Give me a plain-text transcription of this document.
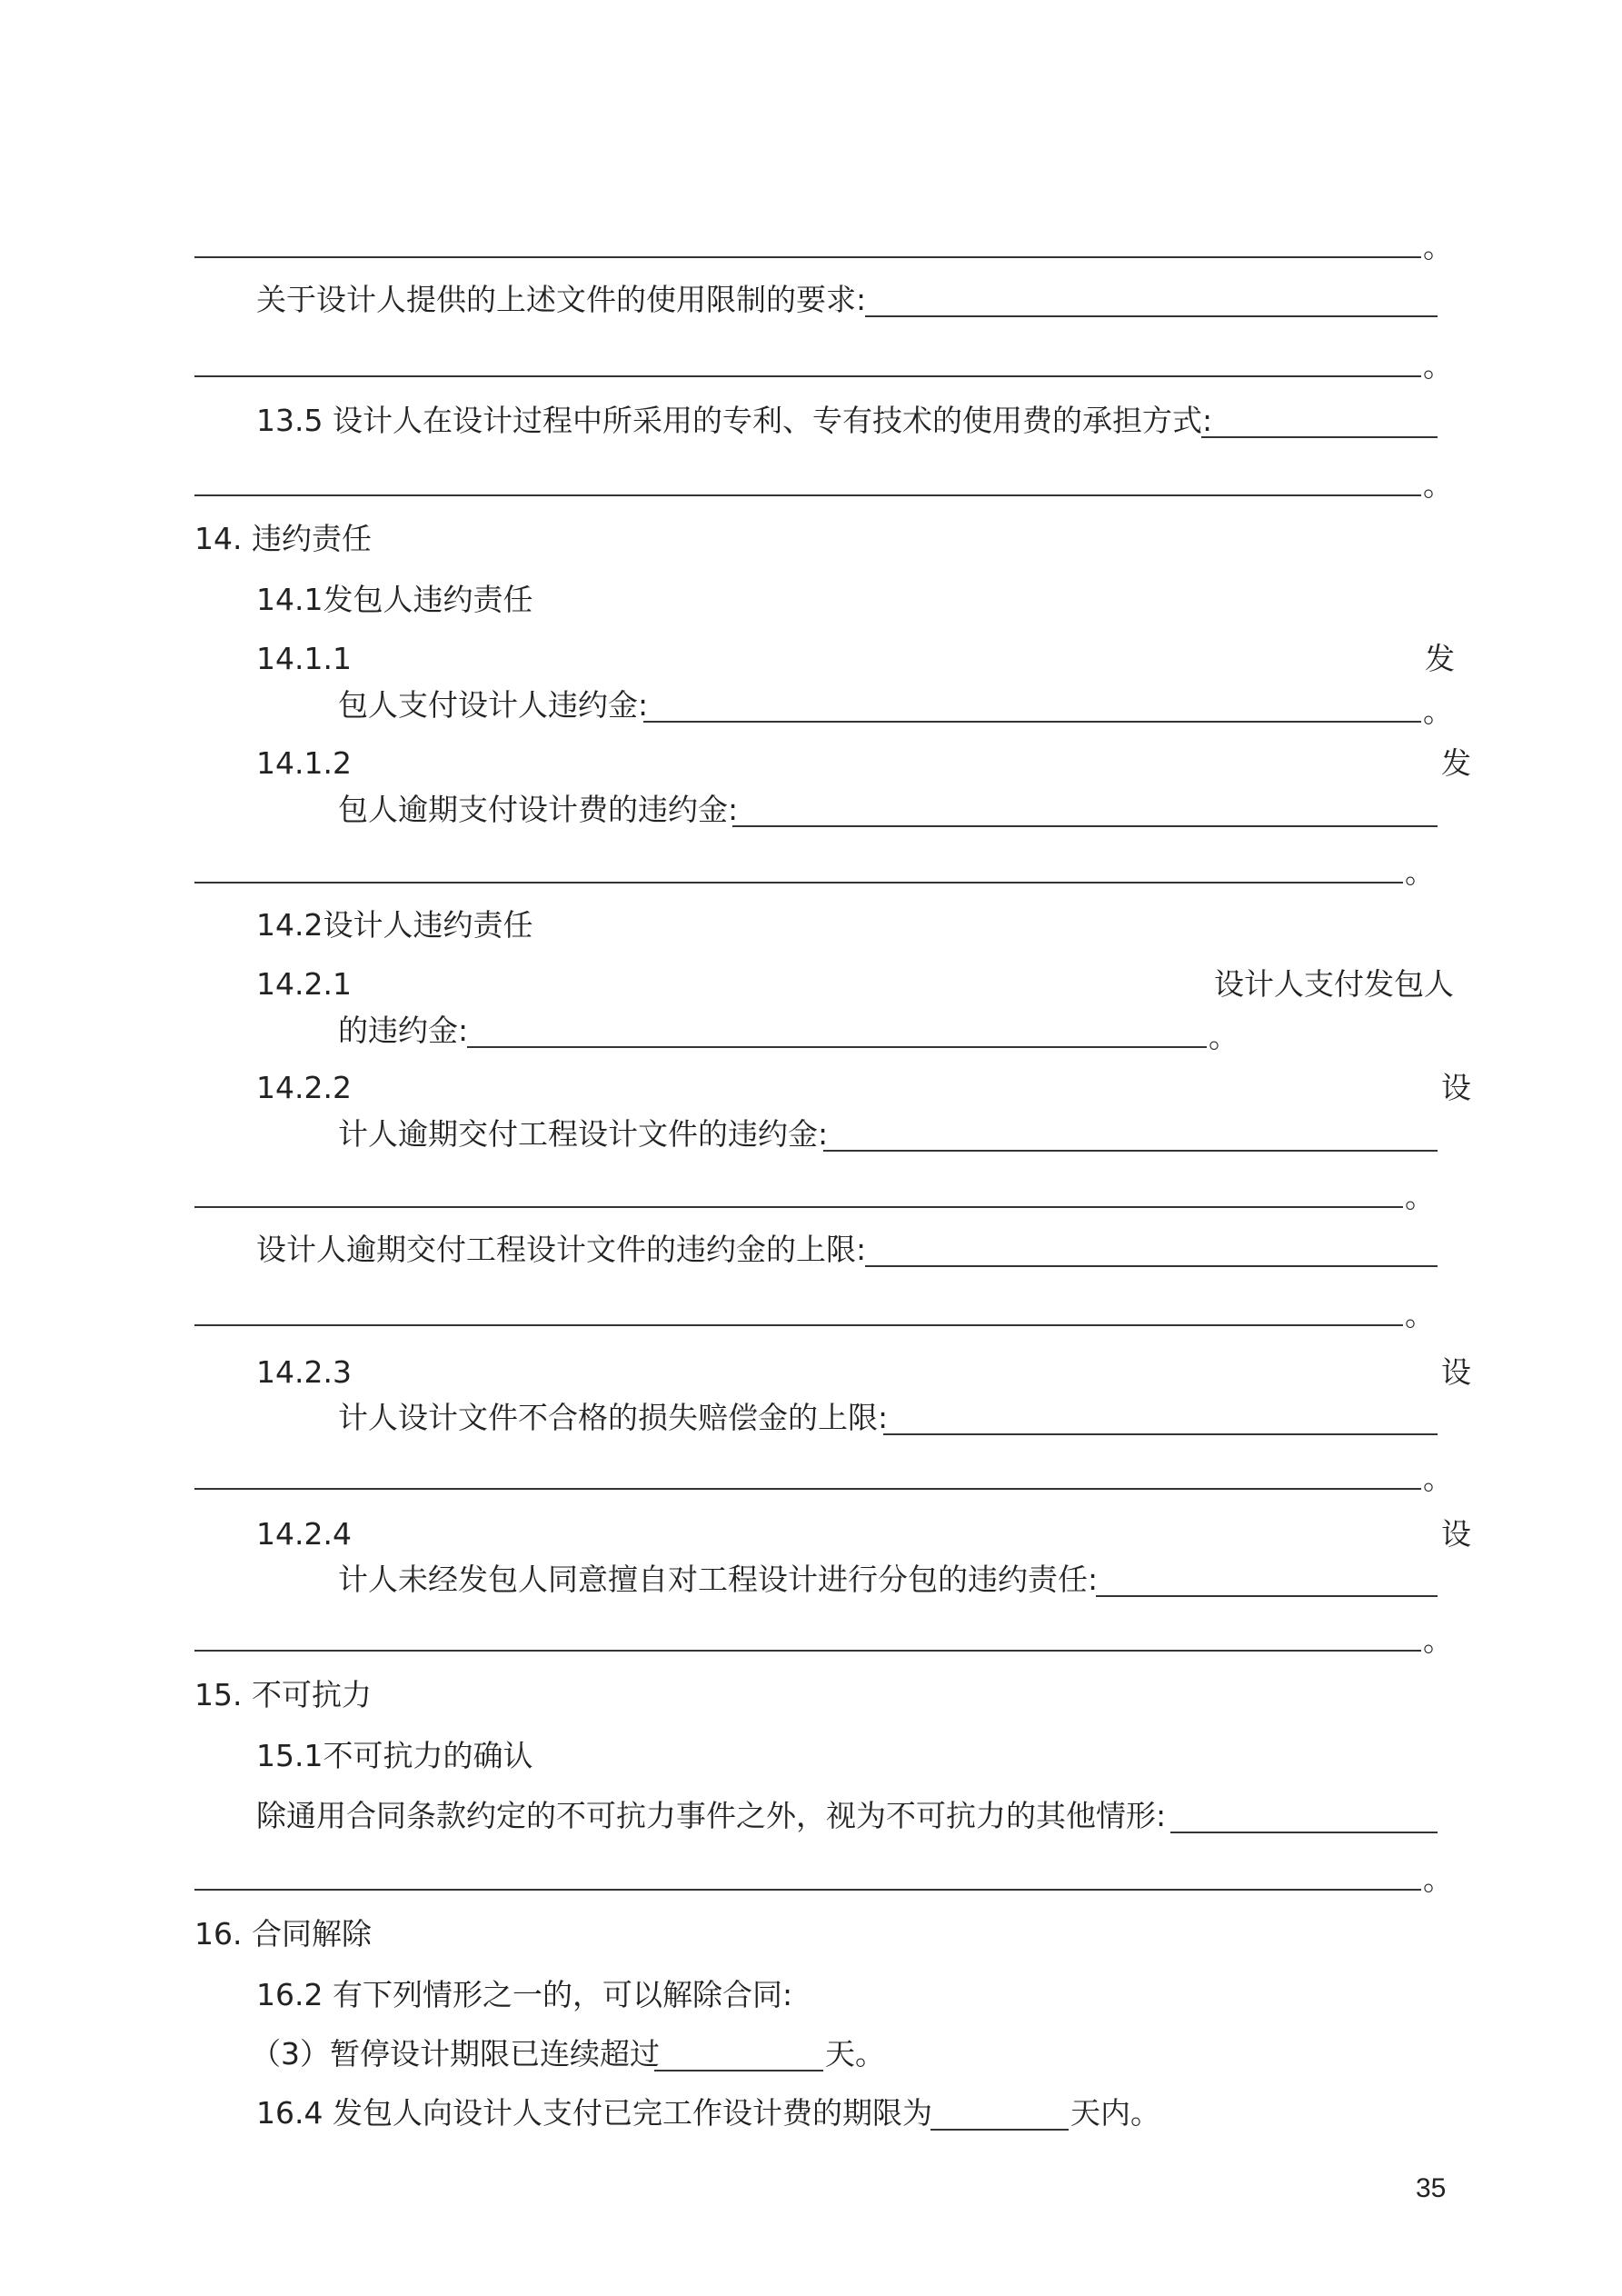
。
关于设计人提供的上述文件的使用限制的要求:
。
13.5 设计人在设计过程中所采用的专利、专有技术的使用费的承担方式:
。
14. 违约责任
14.1发包人违约责任
14.1.1	发
包人支付设计人违约金:	。
14.1.2	发
包人逾期支付设计费的违约金:
。
14.2设计人违约责任
14.2.1	设计人支付发包人
的违约金:	。
14.2.2	设
计人逾期交付工程设计文件的违约金:
。
设计人逾期交付工程设计文件的违约金的上限:
。
14.2.3	设
计人设计文件不合格的损失赔偿金的上限:
。
14.2.4	设
计人未经发包人同意擅自对工程设计进行分包的违约责任:
。
15. 不可抗力
15.1不可抗力的确认
除通用合同条款约定的不可抗力事件之外，视为不可抗力的其他情形:
。
16. 合同解除
16.2 有下列情形之一的，可以解除合同:
（3）暂停设计期限已连续超过	天。
16.4 发包人向设计人支付已完工作设计费的期限为	天内。
35
